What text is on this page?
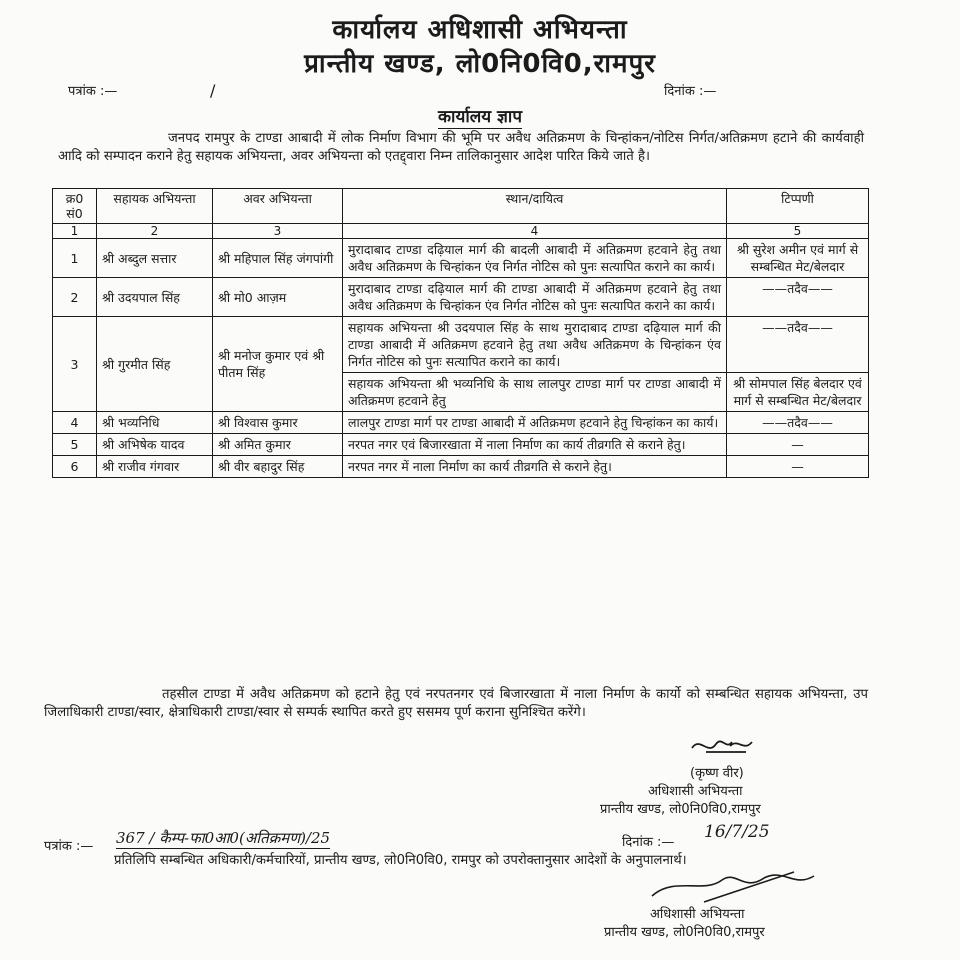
कार्यालय अधिशासी अभियन्ता
प्रान्तीय खण्ड, लो0नि0वि0,रामपुर
पत्रांक :—	/	दिनांक :—
कार्यालय ज्ञाप
जनपद रामपुर के टाण्डा आबादी में लोक निर्माण विभाग की भूमि पर अवैध अतिक्रमण के चिन्हांकन/नोटिस निर्गत/अतिक्रमण हटाने की कार्यवाही आदि को सम्पादन कराने हेतु सहायक अभियन्ता, अवर अभियन्ता को एतद्द्वारा निम्न तालिकानुसार आदेश पारित किये जाते है।
क्र0 सं0	सहायक अभियन्ता	अवर अभियन्ता	स्थान/दायित्व	टिप्पणी
1	2	3	4	5
1	श्री अब्दुल सत्तार	श्री महिपाल सिंह जंगपांगी	मुरादाबाद टाण्डा दढ़ियाल मार्ग की बादली आबादी में अतिक्रमण हटवाने हेतु तथा अवैध अतिक्रमण के चिन्हांकन एंव निर्गत नोटिस को पुनः सत्यापित कराने का कार्य।	श्री सुरेश अमीन एवं मार्ग से सम्बन्धित मेट/बेलदार
2	श्री उदयपाल सिंह	श्री मो0 आज़म	मुरादाबाद टाण्डा दढ़ियाल मार्ग की टाण्डा आबादी में अतिक्रमण हटवाने हेतु तथा अवैध अतिक्रमण के चिन्हांकन एंव निर्गत नोटिस को पुनः सत्यापित कराने का कार्य।	——तदैव——
3	श्री गुरमीत सिंह	श्री मनोज कुमार एवं श्री पीतम सिंह	सहायक अभियन्ता श्री उदयपाल सिंह के साथ मुरादाबाद टाण्डा दढ़ियाल मार्ग की टाण्डा आबादी में अतिक्रमण हटवाने हेतु तथा अवैध अतिक्रमण के चिन्हांकन एंव निर्गत नोटिस को पुनः सत्यापित कराने का कार्य।	——तदैव——
			सहायक अभियन्ता श्री भव्यनिधि के साथ लालपुर टाण्डा मार्ग पर टाण्डा आबादी में अतिक्रमण हटवाने हेतु	श्री सोमपाल सिंह बेलदार एवं मार्ग से सम्बन्धित मेट/बेलदार
4	श्री भव्यनिधि	श्री विश्वास कुमार	लालपुर टाण्डा मार्ग पर टाण्डा आबादी में अतिक्रमण हटवाने हेतु चिन्हांकन का कार्य।	——तदैव——
5	श्री अभिषेक यादव	श्री अमित कुमार	नरपत नगर एवं बिजारखाता में नाला निर्माण का कार्य तीव्रगति से कराने हेतु।	—
6	श्री राजीव गंगवार	श्री वीर बहादुर सिंह	नरपत नगर में नाला निर्माण का कार्य तीव्रगति से कराने हेतु।	—
तहसील टाण्डा में अवैध अतिक्रमण को हटाने हेतु एवं नरपतनगर एवं बिजारखाता में नाला निर्माण के कार्यो को सम्बन्धित सहायक अभियन्ता, उप जिलाधिकारी टाण्डा/स्वार, क्षेत्राधिकारी टाण्डा/स्वार से सम्पर्क स्थापित करते हुए ससमय पूर्ण कराना सुनिश्चित करेंगे।
(कृष्ण वीर)
अधिशासी अभियन्ता
प्रान्तीय खण्ड, लो0नि0वि0,रामपुर
पत्रांक :— 367 / कैम्प-फा0आ0(अतिक्रमण)/25	दिनांक :—
16/7/25
प्रतिलिपि सम्बन्धित अधिकारी/कर्मचारियों, प्रान्तीय खण्ड, लो0नि0वि0, रामपुर को उपरोक्तानुसार आदेशों के अनुपालनार्थ।
अधिशासी अभियन्ता
प्रान्तीय खण्ड, लो0नि0वि0,रामपुर
